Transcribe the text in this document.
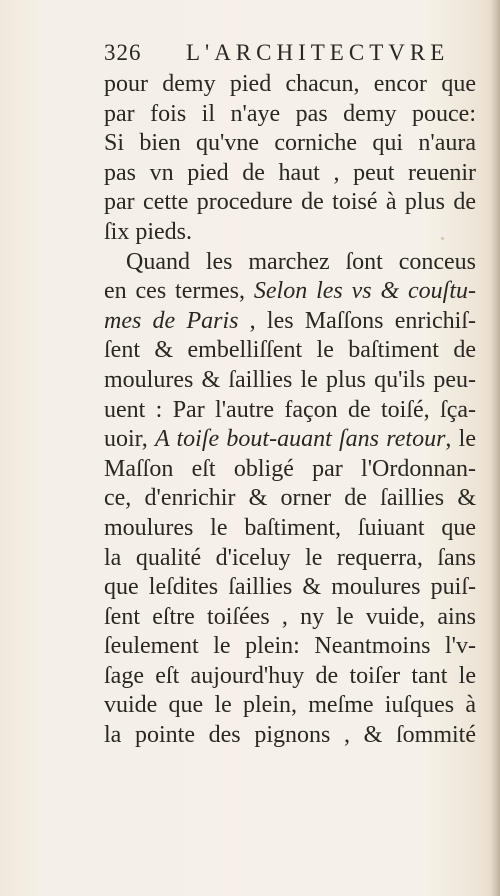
326 L'ARCHITECTVRE
pour demy pied chacun, encor que
par fois il n'aye pas demy pouce:
Si bien qu'vne corniche qui n'aura
pas vn pied de haut , peut reuenir
par cette procedure de toisé à plus de
ſix pieds.
Quand les marchez ſont conceus
en ces termes, Selon les vs & couſtu-
mes de Paris , les Maſſons enrichiſ-
ſent & embelliſſent le baſtiment de
moulures & ſaillies le plus qu'ils peu-
uent : Par l'autre façon de toiſé, ſça-
uoir, A toiſe bout-auant ſans retour, le
Maſſon eſt obligé par l'Ordonnan-
ce, d'enrichir & orner de ſaillies &
moulures le baſtiment, ſuiuant que
la qualité d'iceluy le requerra, ſans
que leſdites ſaillies & moulures puiſ-
ſent eſtre toiſées , ny le vuide, ains
ſeulement le plein: Neantmoins l'v-
ſage eſt aujourd'huy de toiſer tant le
vuide que le plein, meſme iuſques à
la pointe des pignons , & ſommité
